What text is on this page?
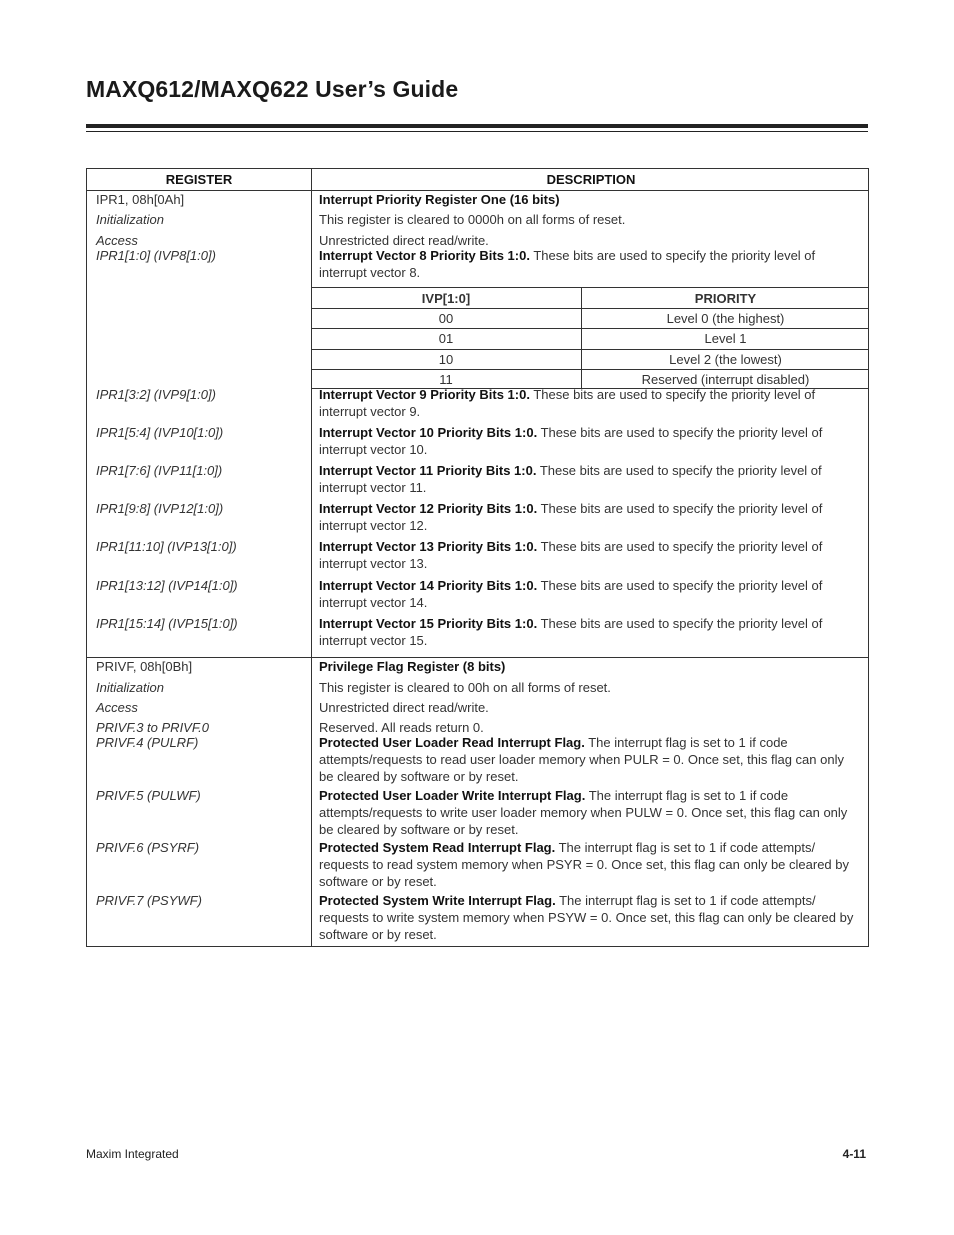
MAXQ612/MAXQ622 User’s Guide
REGISTER	DESCRIPTION
IPR1, 08h[0Ah]	Interrupt Priority Register One (16 bits)
Initialization	This register is cleared to 0000h on all forms of reset.
Access	Unrestricted direct read/write.
IPR1[1:0] (IVP8[1:0])	Interrupt Vector 8 Priority Bits 1:0. These bits are used to specify the priority level of interrupt vector 8.
IVP[1:0]	PRIORITY
00	Level 0 (the highest)
01	Level 1
10	Level 2 (the lowest)
11	Reserved (interrupt disabled)
IPR1[3:2] (IVP9[1:0])	Interrupt Vector 9 Priority Bits 1:0. These bits are used to specify the priority level of interrupt vector 9.
IPR1[5:4] (IVP10[1:0])	Interrupt Vector 10 Priority Bits 1:0. These bits are used to specify the priority level of interrupt vector 10.
IPR1[7:6] (IVP11[1:0])	Interrupt Vector 11 Priority Bits 1:0. These bits are used to specify the priority level of interrupt vector 11.
IPR1[9:8] (IVP12[1:0])	Interrupt Vector 12 Priority Bits 1:0. These bits are used to specify the priority level of interrupt vector 12.
IPR1[11:10] (IVP13[1:0])	Interrupt Vector 13 Priority Bits 1:0. These bits are used to specify the priority level of interrupt vector 13.
IPR1[13:12] (IVP14[1:0])	Interrupt Vector 14 Priority Bits 1:0. These bits are used to specify the priority level of interrupt vector 14.
IPR1[15:14] (IVP15[1:0])	Interrupt Vector 15 Priority Bits 1:0. These bits are used to specify the priority level of interrupt vector 15.
PRIVF, 08h[0Bh]	Privilege Flag Register (8 bits)
Initialization	This register is cleared to 00h on all forms of reset.
Access	Unrestricted direct read/write.
PRIVF.3 to PRIVF.0	Reserved. All reads return 0.
PRIVF.4 (PULRF)	Protected User Loader Read Interrupt Flag. The interrupt flag is set to 1 if code attempts/requests to read user loader memory when PULR = 0. Once set, this flag can only be cleared by software or by reset.
PRIVF.5 (PULWF)	Protected User Loader Write Interrupt Flag. The interrupt flag is set to 1 if code attempts/requests to write user loader memory when PULW = 0. Once set, this flag can only be cleared by software or by reset.
PRIVF.6 (PSYRF)	Protected System Read Interrupt Flag. The interrupt flag is set to 1 if code attempts/ requests to read system memory when PSYR = 0. Once set, this flag can only be cleared by software or by reset.
PRIVF.7 (PSYWF)	Protected System Write Interrupt Flag. The interrupt flag is set to 1 if code attempts/ requests to write system memory when PSYW = 0. Once set, this flag can only be cleared by software or by reset.
Maxim Integrated	4-11
